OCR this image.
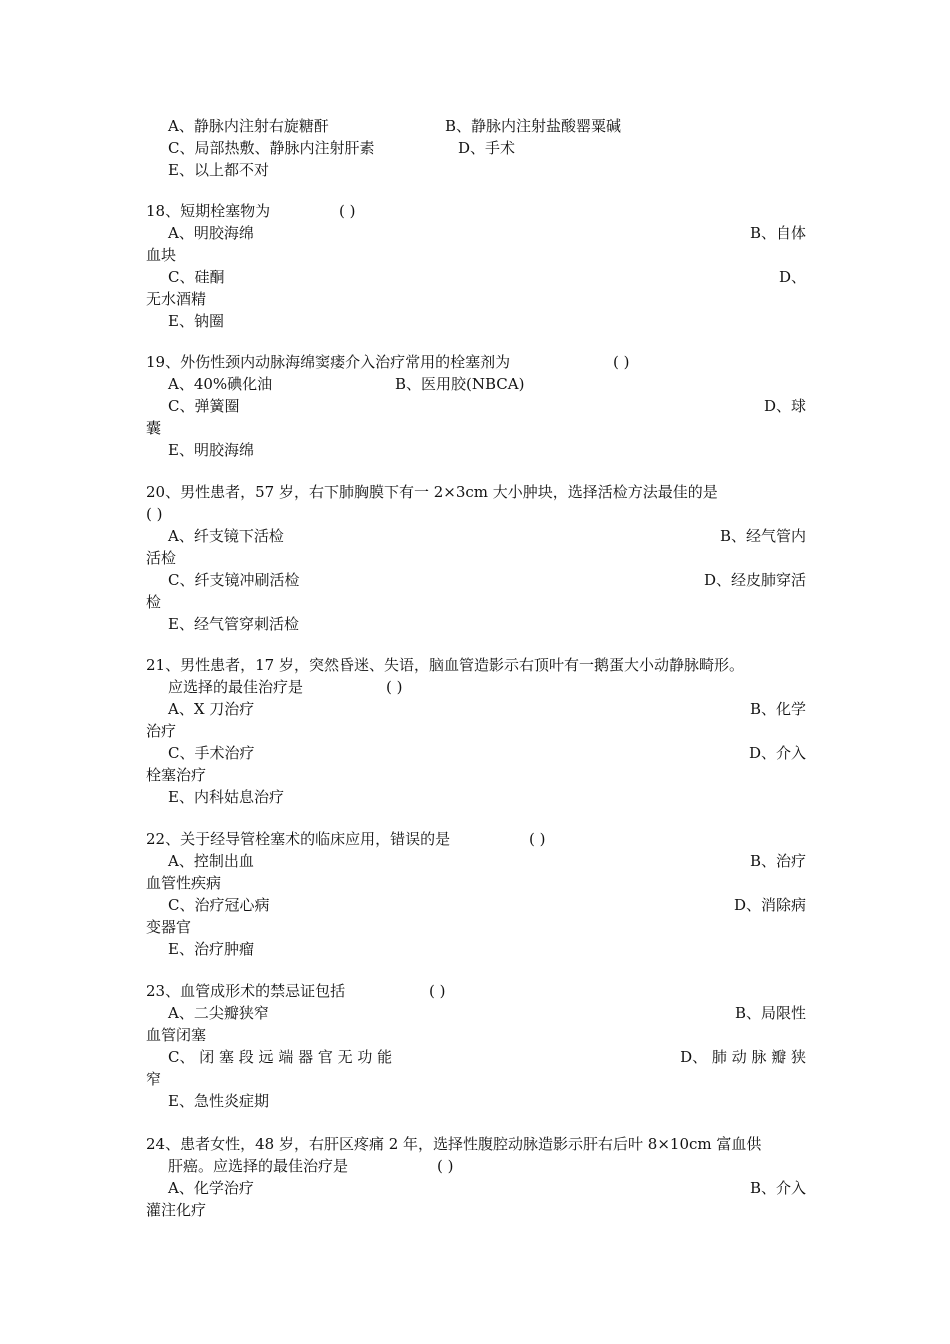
A、静脉内注射右旋糖酐	B、静脉内注射盐酸罂粟碱
C、局部热敷、静脉内注射肝素	D、手术
E、以上都不对
18、短期栓塞物为	( )
A、明胶海绵	B、自体
血块
C、硅酮	D、
无水酒精
E、钠圈
19、外伤性颈内动脉海绵窦瘘介入治疗常用的栓塞剂为	( )
A、40%碘化油	B、医用胶(NBCA)
C、弹簧圈	D、球
囊
E、明胶海绵
20、男性患者，57 岁，右下肺胸膜下有一 2×3cm 大小肿块，选择活检方法最佳的是
( )
A、纤支镜下活检	B、经气管内
活检
C、纤支镜冲刷活检	D、经皮肺穿活
检
E、经气管穿刺活检
21、男性患者，17 岁，突然昏迷、失语，脑血管造影示右顶叶有一鹅蛋大小动静脉畸形。
应选择的最佳治疗是	( )
A、X 刀治疗	B、化学
治疗
C、手术治疗	D、介入
栓塞治疗
E、内科姑息治疗
22、关于经导管栓塞术的临床应用，错误的是	( )
A、控制出血	B、治疗
血管性疾病
C、治疗冠心病	D、消除病
变器官
E、治疗肿瘤
23、血管成形术的禁忌证包括	( )
A、二尖瓣狭窄	B、局限性
血管闭塞
C、 闭 塞 段 远 端 器 官 无 功 能	D、 肺 动 脉 瓣 狭
窄
E、急性炎症期
24、患者女性，48 岁，右肝区疼痛 2 年，选择性腹腔动脉造影示肝右后叶 8×10cm 富血供
肝癌。应选择的最佳治疗是	( )
A、化学治疗	B、介入
灌注化疗
